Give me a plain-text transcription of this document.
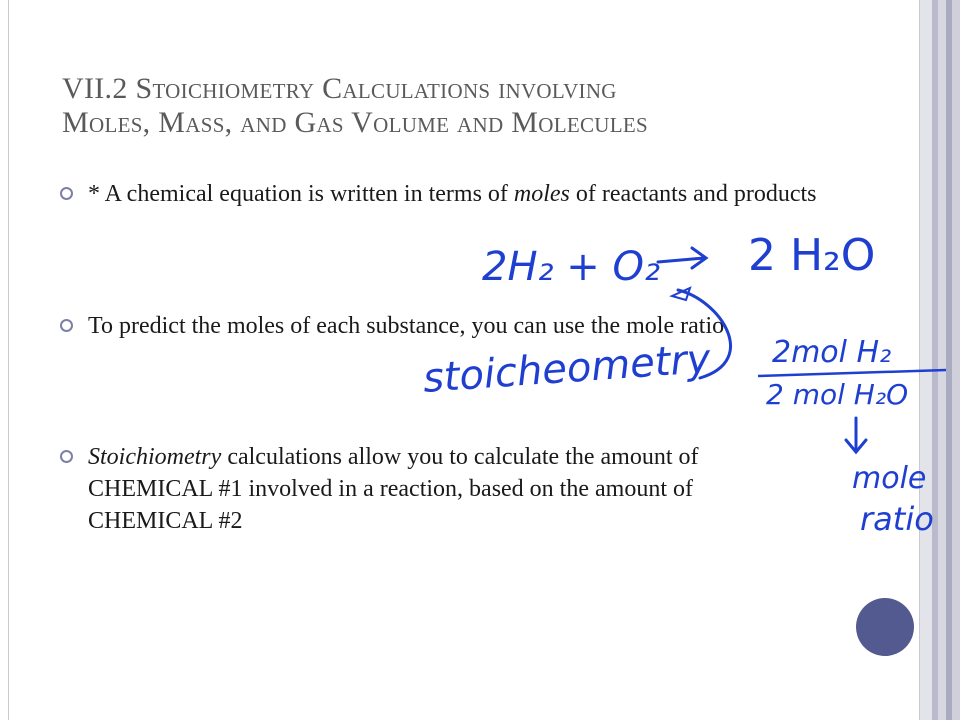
VII.2 Stoichiometry Calculations involving
Moles, Mass, and Gas Volume and Molecules
* A chemical equation is written in terms of moles of reactants and products
To predict the moles of each substance, you can use the mole ratio
Stoichiometry calculations allow you to calculate the amount of CHEMICAL #1 involved in a reaction, based on the amount of CHEMICAL #2
2H₂ + O₂ 2 H₂O
stoicheometry 2mol H₂
2 mol H₂O
mole
ratio
